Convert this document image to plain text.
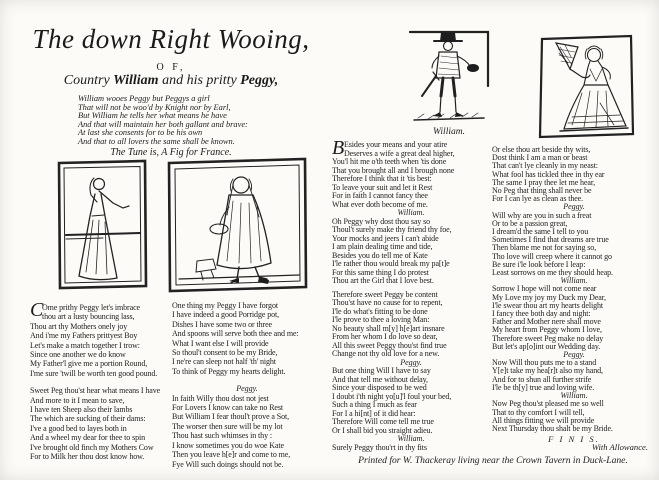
The down Right Wooing,
O F,
Country William and his pritty Peggy,
William wooes Peggy but Peggys a girl
That will not be woo'd by Knight nor by Earl,
But William he tells her what means he have
And that will maintain her both gallant and brave:
At last she consents for to be his own
And that to all lovers the same shall be known.
The Tune is, A Fig for France.
William.
C
Ome prithy Peggy let's imbrace
thou art a lusty bouncing lass,
Thou art thy Mothers onely joy
And i'me my Fathers prittyest Boy
Let's make a match together I trow:
Since one another we do know
My Father'l give me a portion Round,
I'me sure 'twill be worth ten good pound.
Sweet Peg thou'st hear what means I have
And more to it I mean to save,
I have ten Sheep also their lambs
The which are sucking of their dams:
I've a good bed to layes both in
And a wheel my dear for thee to spin
I've brought old finch my Mothers Cow
For to Milk her thou dost know how.
One thing my Peggy I have forgot
I have indeed a good Porridge pot,
Dishes I have some two or three
And spoons will serve both thee and me:
What I want else I will provide
So thoul't consent to be my Bride,
I ne're can sleep not half 'th' night
To think of Peggy my hearts delight.
Peggy.
In faith Willy thou dost not jest
For Lovers I know can take no Rest
But William I fear thoul't prove a Sot,
The worser then sure will be my lot
Thou hast such whimses in thy :
I know sometimes you do woe Kate
Then you leave h[e]r and come to me,
Fye Will such doings should not be.
B Esides your means and your atire
Deserves a wife a great deal higher,
You'l hit me o'th teeth when 'tis done
That you brought all and I brough none
Therefore I think that it 'tis best:
To leave your suit and let it Rest
For in faith I cannot fancy thee
What ever doth become of me.
William.
Oh Peggy why dost thou say so
Thoul't surely make thy friend thy foe,
Your mocks and jeers I can't abide
I am plain dealing time and tide,
Besides you do tell me of Kate
I'le rather thou would break my pa[t]e
For this same thing I do protest
Thou art the Girl that I love best.
Therefore sweet Peggy be content
Thou'st have no cause for to repent,
I'le do what's fitting to be done
I'le prove to thee a loving Man:
No beauty shall m[y] h[e]art insnare
From her whom I do love so dear,
All this sweet Peggy thou'st find true
Change not thy old love for a new.
Peggy.
But one thing Will I have to say
And that tell me without delay,
Since your disposed to be wed
I doubt i'th night yo[u]'l foul your bed,
Such a thing I much as fear
For I a hi[nt] of it did hear:
Therefore Will come tell me true
Or I shall bid you straight adieu.
William.
Surely Peggy thou'rt in thy fits
Or else thou art beside thy wits,
Dost think I am a man or beast
That can't lye cleanly in my neast:
What fool has tickled thee in thy ear
The same I pray thee let me hear,
No Peg that thing shall never be
For I can lye as clean as thee.
Peggy.
Will why are you in such a freat
Or to be a passion great,
I dream'd the same I tell to you
Sometimes I find that dreams are true
Then blame me not for saying so,
Tho love will creep where it cannot go
Be sure i'le look before I leap:
Least sorrows on me they should heap.
William.
Sorrow I hope will not come near
My Love my joy my Duck my Dear,
I'le swear thou art my hearts delight
I fancy thee both day and night:
Father and Mother nere shall move
My heart from Peggy whom I love,
Therefore sweet Peg make no delay
But let's ap[o]int our Wedding day.
Peggy.
Now Will thou puts me to a stand
Y[e]t take my hea[r]t also my hand,
And for to shun all further strife
I'le be th[y] true and loving wife.
William.
Now Peg thou'st pleased me so well
That to thy comfort I will tell,
All things fitting we will provide
Next Thursday thou shalt be my Bride.
F I N I S.
With Allowance.
Printed for W. Thackeray living near the Crown Tavern in Duck-Lane.
